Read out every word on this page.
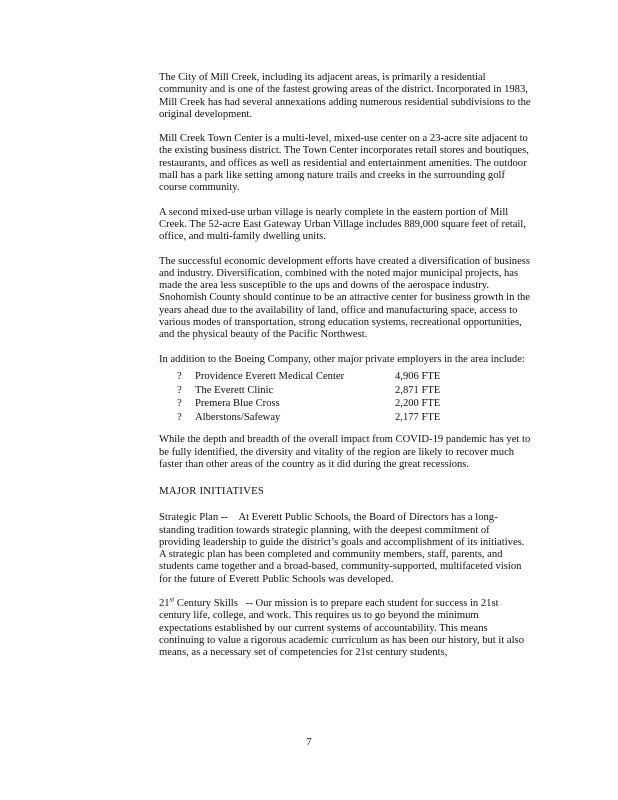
The City of Mill Creek, including its adjacent areas, is primarily a residential community and is one of the fastest growing areas of the district. Incorporated in 1983, Mill Creek has had several annexations adding numerous residential subdivisions to the original development.

Mill Creek Town Center is a multi-level, mixed-use center on a 23-acre site adjacent to the existing business district. The Town Center incorporates retail stores and boutiques, restaurants, and offices as well as residential and entertainment amenities. The outdoor mall has a park like setting among nature trails and creeks in the surrounding golf course community.

A second mixed-use urban village is nearly complete in the eastern portion of Mill Creek. The 52-acre East Gateway Urban Village includes 889,000 square feet of retail, office, and multi-family dwelling units.

The successful economic development efforts have created a diversification of business and industry. Diversification, combined with the noted major municipal projects, has made the area less susceptible to the ups and downs of the aerospace industry. Snohomish County should continue to be an attractive center for business growth in the years ahead due to the availability of land, office and manufacturing space, access to various modes of transportation, strong education systems, recreational opportunities, and the physical beauty of the Pacific Northwest.

In addition to the Boeing Company, other major private employers in the area include:

?	Providence Everett Medical Center	4,906 FTE
?	The Everett Clinic	2,871 FTE
?	Premera Blue Cross	2,200 FTE
?	Alberstons/Safeway	2,177 FTE

While the depth and breadth of the overall impact from COVID-19 pandemic has yet to be fully identified, the diversity and vitality of the region are likely to recover much faster than other areas of the country as it did during the great recessions.

MAJOR INITIATIVES

Strategic Plan -- At Everett Public Schools, the Board of Directors has a long-standing tradition towards strategic planning, with the deepest commitment of providing leadership to guide the district’s goals and accomplishment of its initiatives. A strategic plan has been completed and community members, staff, parents, and students came together and a broad-based, community-supported, multifaceted vision for the future of Everett Public Schools was developed.

21st Century Skills -- Our mission is to prepare each student for success in 21st century life, college, and work. This requires us to go beyond the minimum expectations established by our current systems of accountability. This means continuing to value a rigorous academic curriculum as has been our history, but it also means, as a necessary set of competencies for 21st century students,

7
